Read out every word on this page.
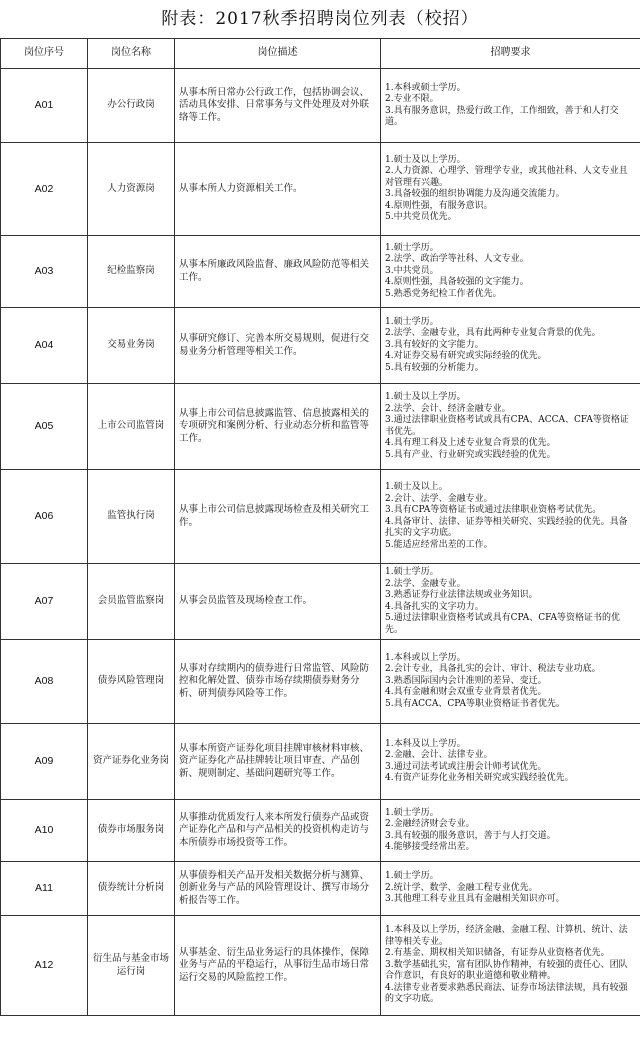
附表：2017秋季招聘岗位列表（校招）
岗位序号	岗位名称	岗位描述	招聘要求
A01	办公行政岗	从事本所日常办公行政工作，包括协调会议、活动具体安排、日常事务与文件处理及对外联络等工作。	1.本科或硕士学历。
2.专业不限。
3.具有服务意识，热爱行政工作，工作细致，善于和人打交道。

A02	人力资源岗	从事本所人力资源相关工作。	1.硕士及以上学历。
2.人力资源、心理学、管理学专业，或其他社科、人文专业且对管理有兴趣。
3.具备较强的组织协调能力及沟通交流能力。
4.原则性强，有服务意识。
5.中共党员优先。

A03	纪检监察岗	从事本所廉政风险监督、廉政风险防范等相关工作。	1.硕士学历。
2.法学、政治学等社科、人文专业。
3.中共党员。
4.原则性强，具备较强的文字能力。
5.熟悉党务纪检工作者优先。

A04	交易业务岗	从事研究修订、完善本所交易规则，促进行交易业务分析管理等相关工作。	1.硕士学历。
2.法学、金融专业，具有此两种专业复合背景的优先。
3.具有较好的文字能力。
4.对证券交易有研究或实际经验的优先。
5.具有较强的分析能力。

A05	上市公司监管岗	从事上市公司信息披露监管、信息披露相关的专项研究和案例分析、行业动态分析和监管等工作。	1.硕士及以上学历。
2.法学、会计、经济金融专业。
3.通过法律职业资格考试或具有CPA、ACCA、CFA等资格证书优先。
4.具有理工科及上述专业复合背景的优先。
5.具有产业、行业研究或实践经验的优先。

A06	监管执行岗	从事上市公司信息披露现场检查及相关研究工作。	1.硕士及以上。
2.会计、法学、金融专业。
3.具有CPA等资格证书或通过法律职业资格考试优先。
4.具备审计、法律、证券等相关研究、实践经验的优先。具备扎实的文字功底。
5.能适应经常出差的工作。

A07	会员监管监察岗	从事会员监管及现场检查工作。	1.硕士学历。
2.法学、金融专业。
3.熟悉证券行业法律法规或业务知识。
4.具备扎实的文字功力。
5.通过法律职业资格考试或具有CPA、CFA等资格证书的优先。

A08	债券风险管理岗	从事对存续期内的债券进行日常监管、风险防控和化解处置、债券市场存续期债券财务分析、研判债券风险等工作。	1.本科或以上学历。
2.会计专业，具备扎实的会计、审计、税法专业功底。
3.熟悉国际国内会计准则的差异、变迁。
4.具有金融和财会双重专业背景者优先。
5.具有ACCA、CPA等职业资格证书者优先。

A09	资产证券化业务岗	从事本所资产证券化项目挂牌审核材料审核、资产证券化产品挂牌转让项目审查、产品创新、规则制定、基础问题研究等工作。	1.本科及以上学历。
2.金融、会计、法律专业。
3.通过司法考试或注册会计师考试优先。
4.有资产证券化业务相关研究或实践经验优先。

A10	债券市场服务岗	从事推动优质发行人来本所发行债券产品或资产证券化产品和与产品相关的投资机构走访与本所债券市场投资等工作。	1.硕士学历。
2.金融经济财会专业。
3.具有较强的服务意识，善于与人打交道。
4.能够接受经常出差。

A11	债券统计分析岗	从事债券相关产品开发相关数据分析与测算、创新业务与产品的风险管理设计、撰写市场分析报告等工作。	1.硕士学历。
2.统计学、数学、金融工程专业优先。
3.其他理工科专业且具有金融相关知识亦可。

A12	衍生品与基金市场运行岗	从事基金、衍生品业务运行的具体操作，保障业务与产品的平稳运行，从事衍生品市场日常运行交易的风险监控工作。	1.本科及以上学历，经济金融、金融工程、计算机、统计、法律等相关专业。
2.有基金、期权相关知识储备，有证券从业资格者优先。
3.数学基础扎实，富有团队协作精神，有较强的责任心、团队合作意识，有良好的职业道德和敬业精神。
4.法律专业者要求熟悉民商法、证券市场法律法规，具有较强的文字功底。
